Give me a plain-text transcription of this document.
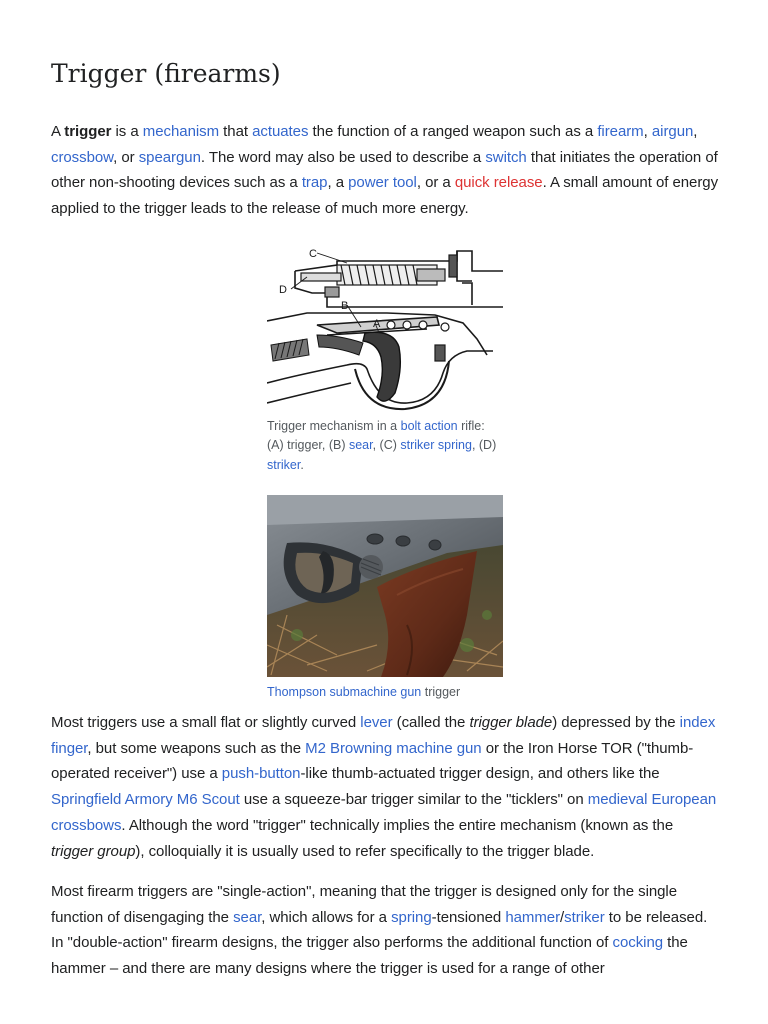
Trigger (firearms)

A trigger is a mechanism that actuates the function of a ranged weapon such as a firearm, airgun, crossbow, or speargun. The word may also be used to describe a switch that initiates the operation of other non-shooting devices such as a trap, a power tool, or a quick release. A small amount of energy applied to the trigger leads to the release of much more energy.

C
D
B
A
Trigger mechanism in a bolt action rifle: (A) trigger, (B) sear, (C) striker spring, (D) striker.
Thompson submachine gun trigger

Most triggers use a small flat or slightly curved lever (called the trigger blade) depressed by the index finger, but some weapons such as the M2 Browning machine gun or the Iron Horse TOR ("thumb-operated receiver") use a push-button-like thumb-actuated trigger design, and others like the Springfield Armory M6 Scout use a squeeze-bar trigger similar to the "ticklers" on medieval European crossbows. Although the word "trigger" technically implies the entire mechanism (known as the trigger group), colloquially it is usually used to refer specifically to the trigger blade.

Most firearm triggers are "single-action", meaning that the trigger is designed only for the single function of disengaging the sear, which allows for a spring-tensioned hammer/striker to be released. In "double-action" firearm designs, the trigger also performs the additional function of cocking the hammer – and there are many designs where the trigger is used for a range of other
